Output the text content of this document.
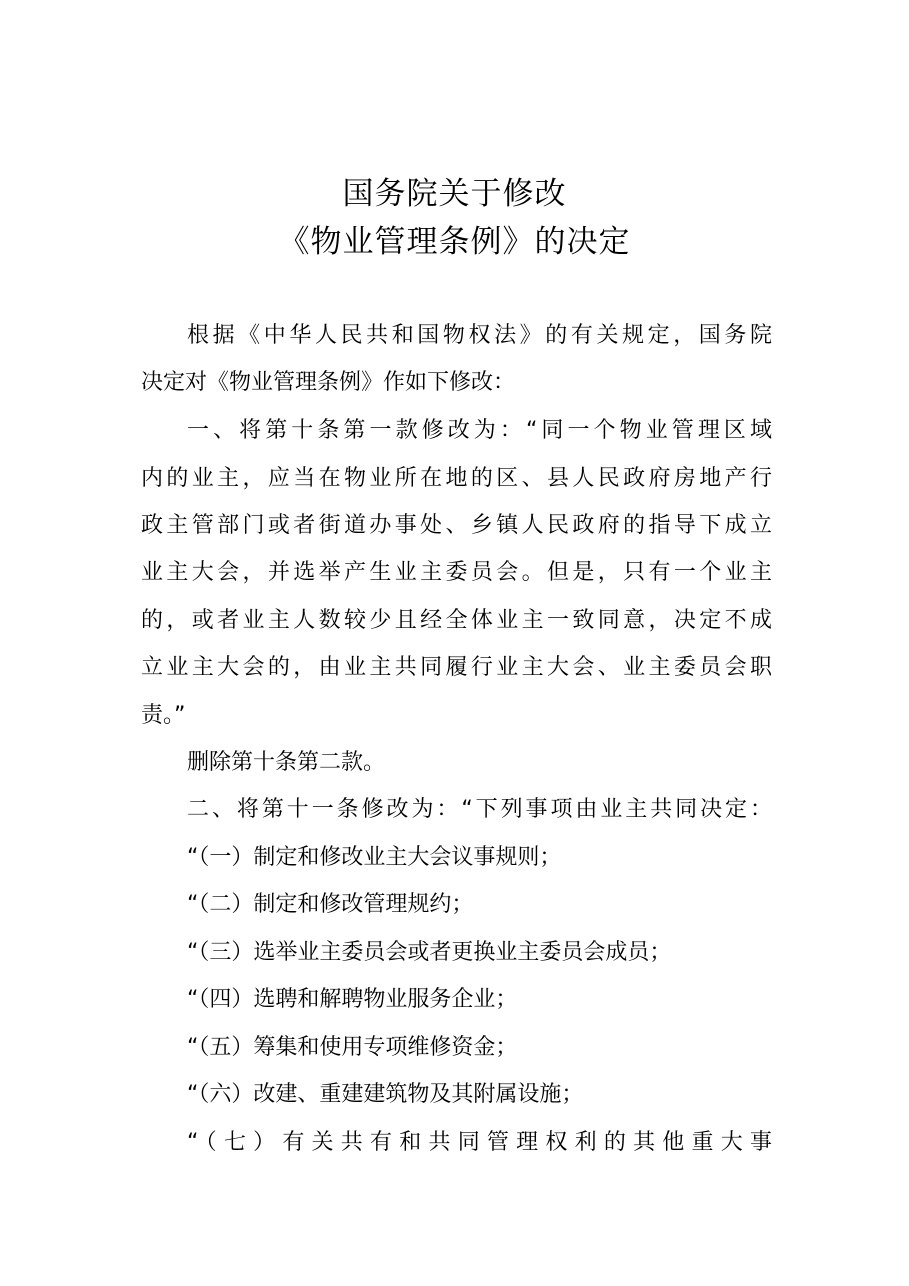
国务院关于修改
《物业管理条例》的决定
根据《中华人民共和国物权法》的有关规定，国务院
决定对《物业管理条例》作如下修改：
一、将第十条第一款修改为：“同一个物业管理区域
内的业主，应当在物业所在地的区、县人民政府房地产行
政主管部门或者街道办事处、乡镇人民政府的指导下成立
业主大会，并选举产生业主委员会。但是，只有一个业主
的，或者业主人数较少且经全体业主一致同意，决定不成
立业主大会的，由业主共同履行业主大会、业主委员会职
责。”
删除第十条第二款。
二、将第十一条修改为：“下列事项由业主共同决定：
“（一）制定和修改业主大会议事规则；
“（二）制定和修改管理规约；
“（三）选举业主委员会或者更换业主委员会成员；
“（四）选聘和解聘物业服务企业；
“（五）筹集和使用专项维修资金；
“（六）改建、重建建筑物及其附属设施；
“（七）有关共有和共同管理权利的其他重大事
